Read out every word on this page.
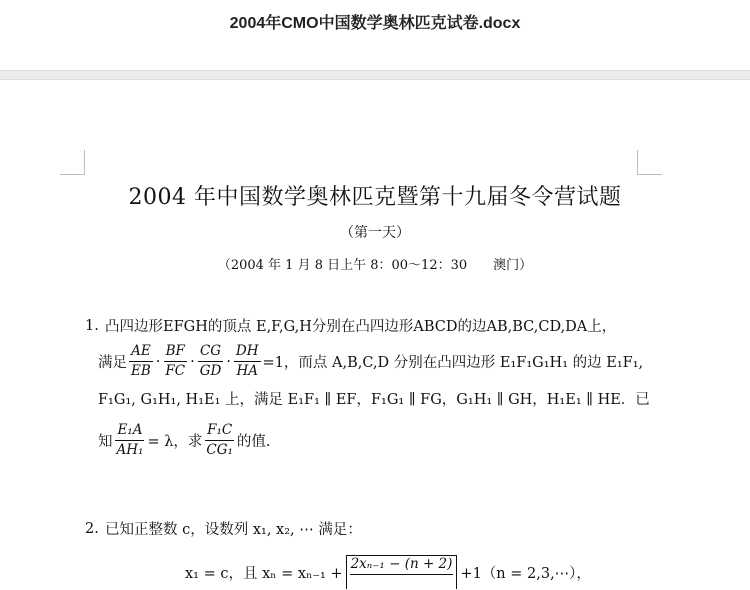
2004年CMO中国数学奥林匹克试卷.docx
2004 年中国数学奥林匹克暨第十九届冬令营试题
（第一天）
（2004 年 1 月 8 日上午 8：00～12：30　　澳门）
1. 凸四边形EFGH的顶点 E,F,G,H分别在凸四边形ABCD的边AB,BC,CD,DA上，
满足 $\frac{AE}{EB} \cdot \frac{BF}{FC} \cdot \frac{CG}{GD} \cdot \frac{DH}{HA} =1$，而点 A,B,C,D 分别在凸四边形 E₁F₁G₁H₁ 的边 E₁F₁,
F₁G₁, G₁H₁, H₁E₁ 上，满足 E₁F₁ ∥ EF，F₁G₁ ∥ FG，G₁H₁ ∥ GH，H₁E₁ ∥ HE．已
知 $\frac{\text{E₁A}}{\text{AH₁}} = \lambda$，求 $\frac{\text{F₁C}}{\text{CG₁}}$ 的值.
2. 已知正整数 c，设数列 x₁, x₂, ⋯ 满足：
x₁ = c，且 xₙ = xₙ₋₁ +
2xₙ₋₁ − (n + 2)
+1（n = 2,3,⋯），
